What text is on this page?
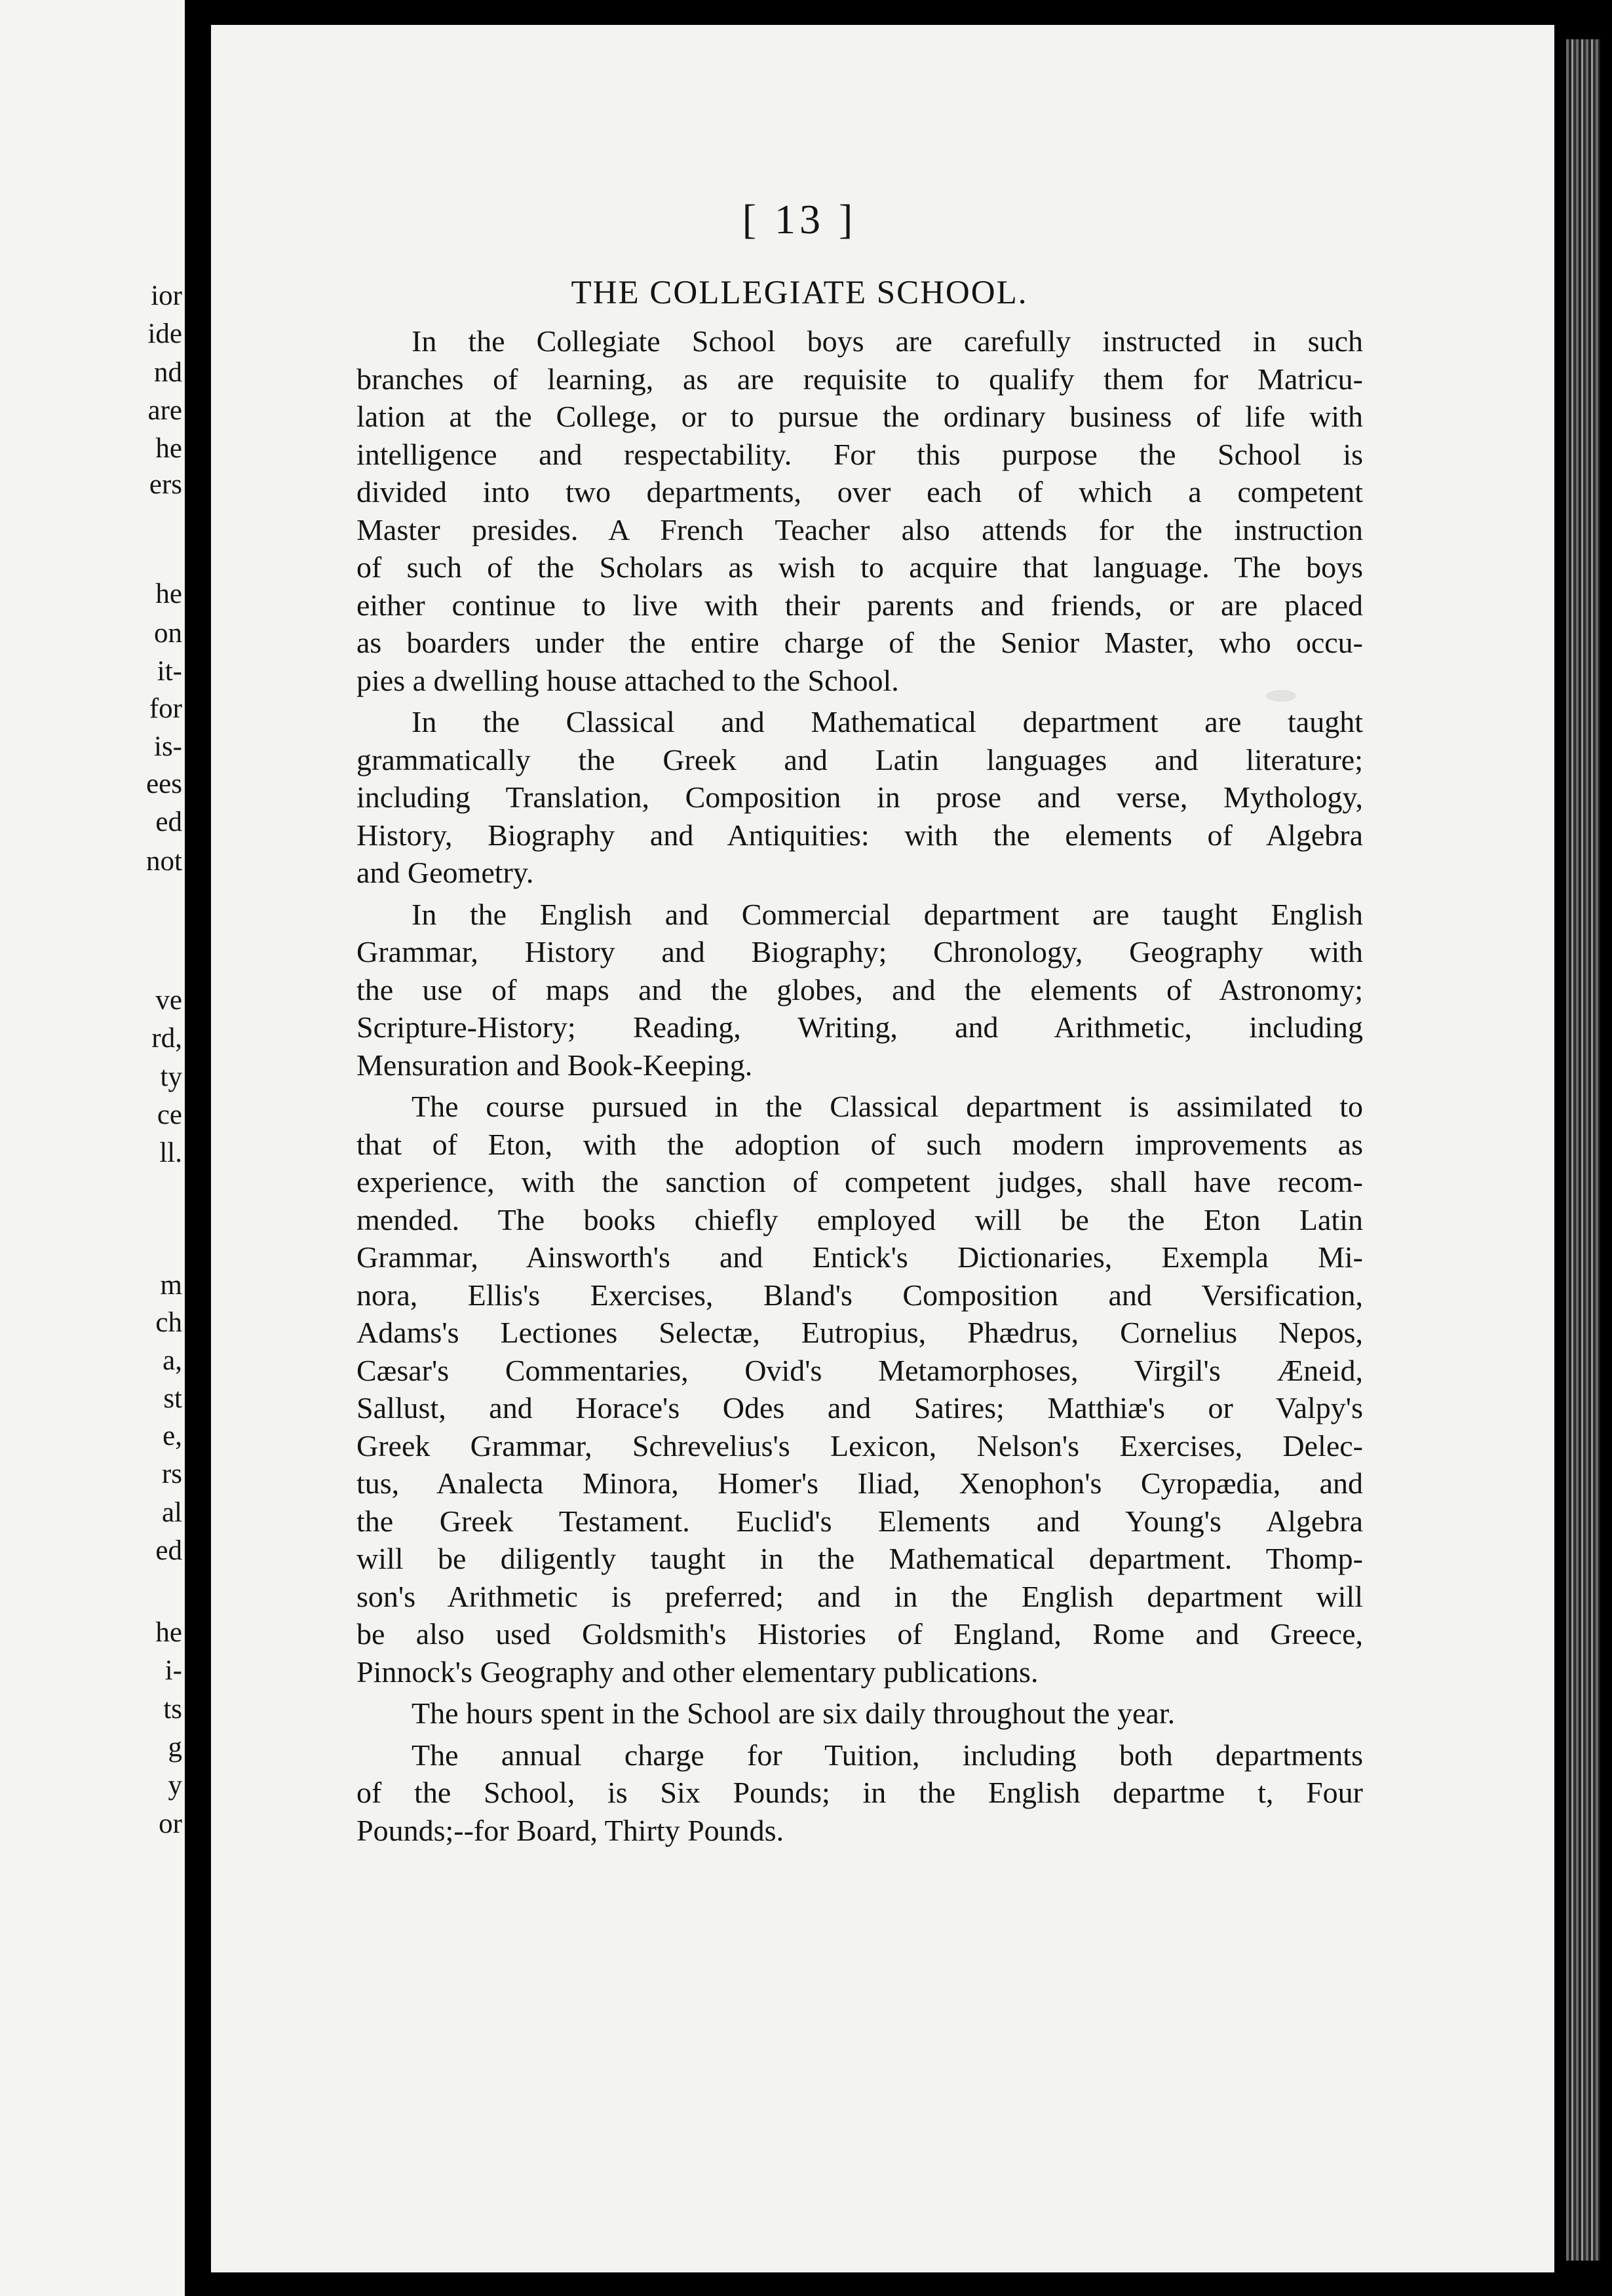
ior
ide
nd
are
he
ers
he
on
it-
for
is-
ees
ed
not
ve
rd,
ty
ce
ll.
m
ch
a,
st
e,
rs
al
ed
he
i-
ts
g
y
or
[ 13 ]
THE COLLEGIATE SCHOOL.

In the Collegiate School boys are carefully instructed in such
branches of learning, as are requisite to qualify them for Matricu-
lation at the College, or to pursue the ordinary business of life with
intelligence and respectability. For this purpose the School is
divided into two departments, over each of which a competent
Master presides. A French Teacher also attends for the instruction
of such of the Scholars as wish to acquire that language. The boys
either continue to live with their parents and friends, or are placed
as boarders under the entire charge of the Senior Master, who occu-
pies a dwelling house attached to the School.

In the Classical and Mathematical department are taught
grammatically the Greek and Latin languages and literature;
including Translation, Composition in prose and verse, Mythology,
History, Biography and Antiquities: with the elements of Algebra
and Geometry.

In the English and Commercial department are taught English
Grammar, History and Biography; Chronology, Geography with
the use of maps and the globes, and the elements of Astronomy;
Scripture-History; Reading, Writing, and Arithmetic, including
Mensuration and Book-Keeping.

The course pursued in the Classical department is assimilated to
that of Eton, with the adoption of such modern improvements as
experience, with the sanction of competent judges, shall have recom-
mended. The books chiefly employed will be the Eton Latin
Grammar, Ainsworth's and Entick's Dictionaries, Exempla Mi-
nora, Ellis's Exercises, Bland's Composition and Versification,
Adams's Lectiones Selectæ, Eutropius, Phædrus, Cornelius Nepos,
Cæsar's Commentaries, Ovid's Metamorphoses, Virgil's Æneid,
Sallust, and Horace's Odes and Satires; Matthiæ's or Valpy's
Greek Grammar, Schrevelius's Lexicon, Nelson's Exercises, Delec-
tus, Analecta Minora, Homer's Iliad, Xenophon's Cyropædia, and
the Greek Testament. Euclid's Elements and Young's Algebra
will be diligently taught in the Mathematical department. Thomp-
son's Arithmetic is preferred; and in the English department will
be also used Goldsmith's Histories of England, Rome and Greece,
Pinnock's Geography and other elementary publications.

The hours spent in the School are six daily throughout the year.

The annual charge for Tuition, including both departments
of the School, is Six Pounds; in the English departme t, Four
Pounds;--for Board, Thirty Pounds.
